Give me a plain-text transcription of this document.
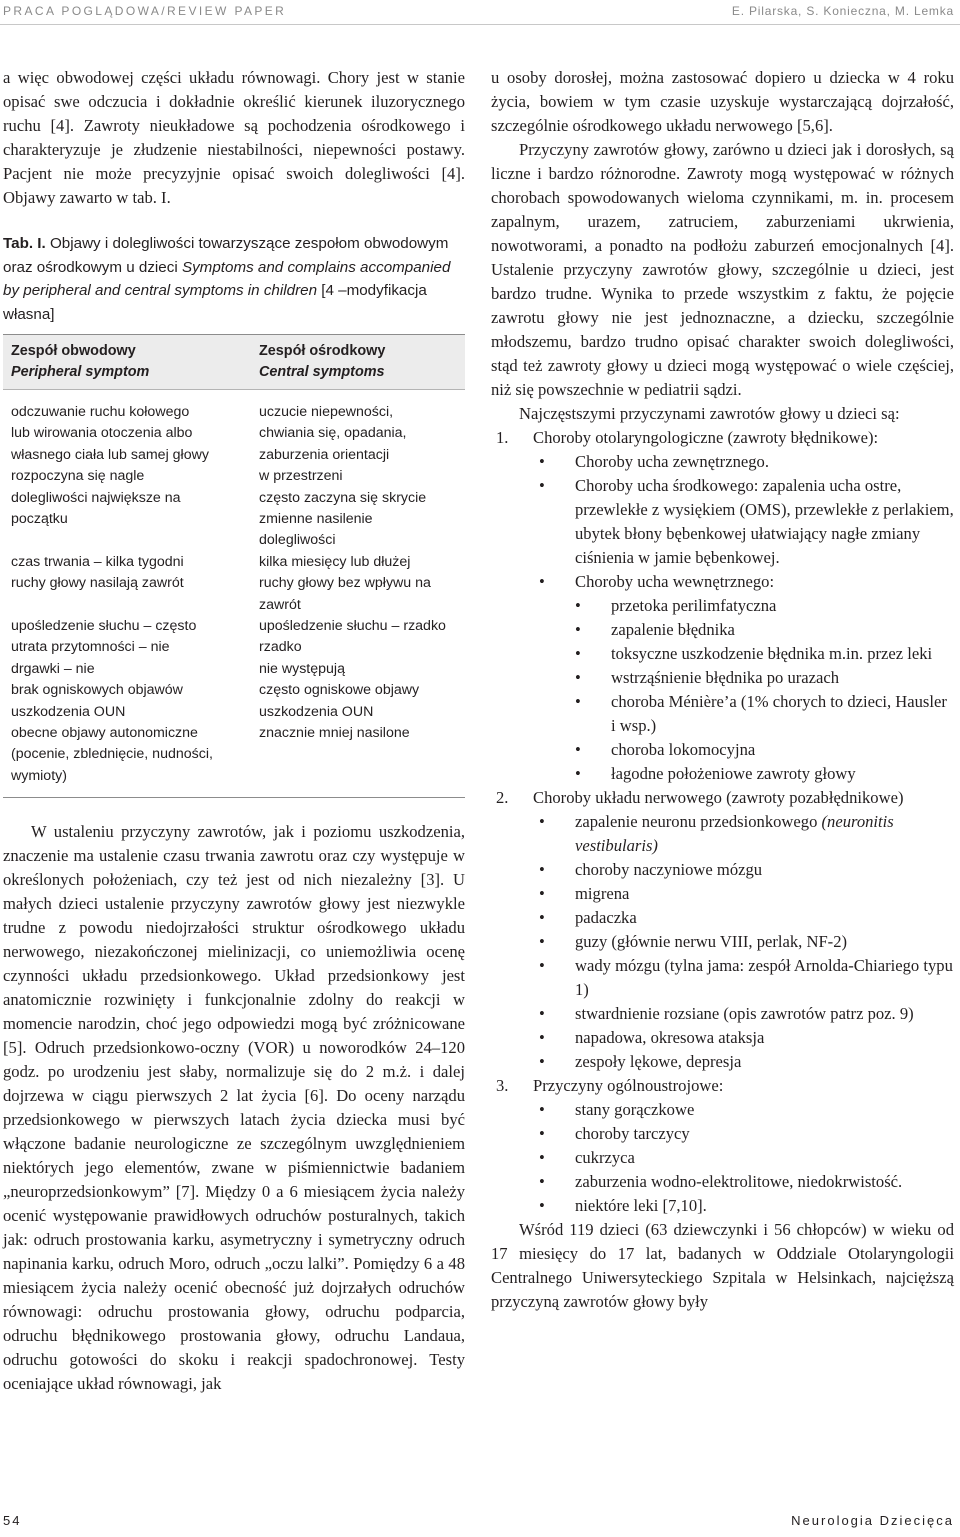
PRACA POGLĄDOWA/REVIEW PAPER	E. Pilarska, S. Konieczna, M. Lemka

a więc obwodowej części układu równowagi. Chory jest w stanie opisać swe odczucia i dokładnie określić kierunek iluzorycznego ruchu [4]. Zawroty nieukładowe są pochodzenia ośrodkowego i charakteryzuje je złudzenie niestabilności, niepewności postawy. Pacjent nie może precyzyjnie opisać swoich dolegliwości [4]. Objawy zawarto w tab. I.

Tab. I. Objawy i dolegliwości towarzyszące zespołom obwodowym oraz ośrodkowym u dzieci Symptoms and complains accompanied by peripheral and central symptoms in children [4 –modyfikacja własna]

Zespół obwodowy
Peripheral symptom
Zespół ośrodkowy
Central symptoms
odczuwanie ruchu kołowego
lub wirowania otoczenia albo
własnego ciała lub samej głowy
rozpoczyna się nagle
dolegliwości największe na
początku
czas trwania – kilka tygodni
ruchy głowy nasilają zawrót
upośledzenie słuchu – często
utrata przytomności – nie
drgawki – nie
brak ogniskowych objawów
uszkodzenia OUN
obecne objawy autonomiczne
(pocenie, zblednięcie, nudności,
wymioty)
uczucie niepewności,
chwiania się, opadania,
zaburzenia orientacji
w przestrzeni
często zaczyna się skrycie
zmienne nasilenie
dolegliwości
kilka miesięcy lub dłużej
ruchy głowy bez wpływu na
zawrót
upośledzenie słuchu – rzadko
rzadko
nie występują
często ogniskowe objawy
uszkodzenia OUN
znacznie mniej nasilone

W ustaleniu przyczyny zawrotów, jak i poziomu uszkodzenia, znaczenie ma ustalenie czasu trwania zawrotu oraz czy występuje w określonych położeniach, czy też jest od nich niezależny [3]. U małych dzieci ustalenie przyczyny zawrotów głowy jest niezwykle trudne z powodu niedojrzałości struktur ośrodkowego układu nerwowego, niezakończonej mielinizacji, co uniemożliwia ocenę czynności układu przedsionkowego. Układ przedsionkowy jest anatomicznie rozwinięty i funkcjonalnie zdolny do reakcji w momencie narodzin, choć jego odpowiedzi mogą być zróżnicowane [5]. Odruch przedsionkowo-oczny (VOR) u noworodków 24–120 godz. po urodzeniu jest słaby, normalizuje się do 2 m.ż. i dalej dojrzewa w ciągu pierwszych 2 lat życia [6]. Do oceny narządu przedsionkowego w pierwszych latach życia dziecka musi być włączone badanie neurologiczne ze szczególnym uwzględnieniem niektórych jego elementów, zwane w piśmiennictwie badaniem „neuroprzedsionkowym” [7]. Między 0 a 6 miesiącem życia należy ocenić występowanie prawidłowych odruchów posturalnych, takich jak: odruch prostowania karku, asymetryczny i symetryczny odruch napinania karku, odruch Moro, odruch „oczu lalki”. Pomiędzy 6 a 48 miesiącem życia należy ocenić obecność już dojrzałych odruchów równowagi: odruchu prostowania głowy, odruchu podparcia, odruchu błędnikowego prostowania głowy, odruchu Landaua, odruchu gotowości do skoku i reakcji spadochronowej. Testy oceniające układ równowagi, jak

u osoby dorosłej, można zastosować dopiero u dziecka w 4 roku życia, bowiem w tym czasie uzyskuje wystarczającą dojrzałość, szczególnie ośrodkowego układu nerwowego [5,6].

Przyczyny zawrotów głowy, zarówno u dzieci jak i dorosłych, są liczne i bardzo różnorodne. Zawroty mogą występować w różnych chorobach spowodowanych wieloma czynnikami, m. in. procesem zapalnym, urazem, zatruciem, zaburzeniami ukrwienia, nowotworami, a ponadto na podłożu zaburzeń emocjonalnych [4]. Ustalenie przyczyny zawrotów głowy, szczególnie u dzieci, jest bardzo trudne. Wynika to przede wszystkim z faktu, że pojęcie zawrotu głowy nie jest jednoznaczne, a dziecku, szczególnie młodszemu, bardzo trudno opisać charakter swoich dolegliwości, stąd też zawroty głowy u dzieci mogą występować o wiele częściej, niż się powszechnie w pediatrii sądzi.

Najczęstszymi przyczynami zawrotów głowy u dzieci są:

1. Choroby otolaryngologiczne (zawroty błędnikowe):
• Choroby ucha zewnętrznego.
• Choroby ucha środkowego: zapalenia ucha ostre, przewlekłe z wysiękiem (OMS), przewlekłe z perlakiem, ubytek błony bębenkowej ułatwiający nagłe zmiany ciśnienia w jamie bębenkowej.
• Choroby ucha wewnętrznego:
• przetoka perilimfatyczna
• zapalenie błędnika
• toksyczne uszkodzenie błędnika m.in. przez leki
• wstrząśnienie błędnika po urazach
• choroba Ménière’a (1% chorych to dzieci, Hausler i wsp.)
• choroba lokomocyjna
• łagodne położeniowe zawroty głowy
2. Choroby układu nerwowego (zawroty pozabłędnikowe)
• zapalenie neuronu przedsionkowego (neuronitis vestibularis)
• choroby naczyniowe mózgu
• migrena
• padaczka
• guzy (głównie nerwu VIII, perlak, NF-2)
• wady mózgu (tylna jama: zespół Arnolda-Chiariego typu 1)
• stwardnienie rozsiane (opis zawrotów patrz poz. 9)
• napadowa, okresowa ataksja
• zespoły lękowe, depresja
3. Przyczyny ogólnoustrojowe:
• stany gorączkowe
• choroby tarczycy
• cukrzyca
• zaburzenia wodno-elektrolitowe, niedokrwistość.
• niektóre leki [7,10].

Wśród 119 dzieci (63 dziewczynki i 56 chłopców) w wieku od 17 miesięcy do 17 lat, badanych w Oddziale Otolaryngologii Centralnego Uniwersyteckiego Szpitala w Helsinkach, najcięższą przyczyną zawrotów głowy były

54	Neurologia Dziecięca
